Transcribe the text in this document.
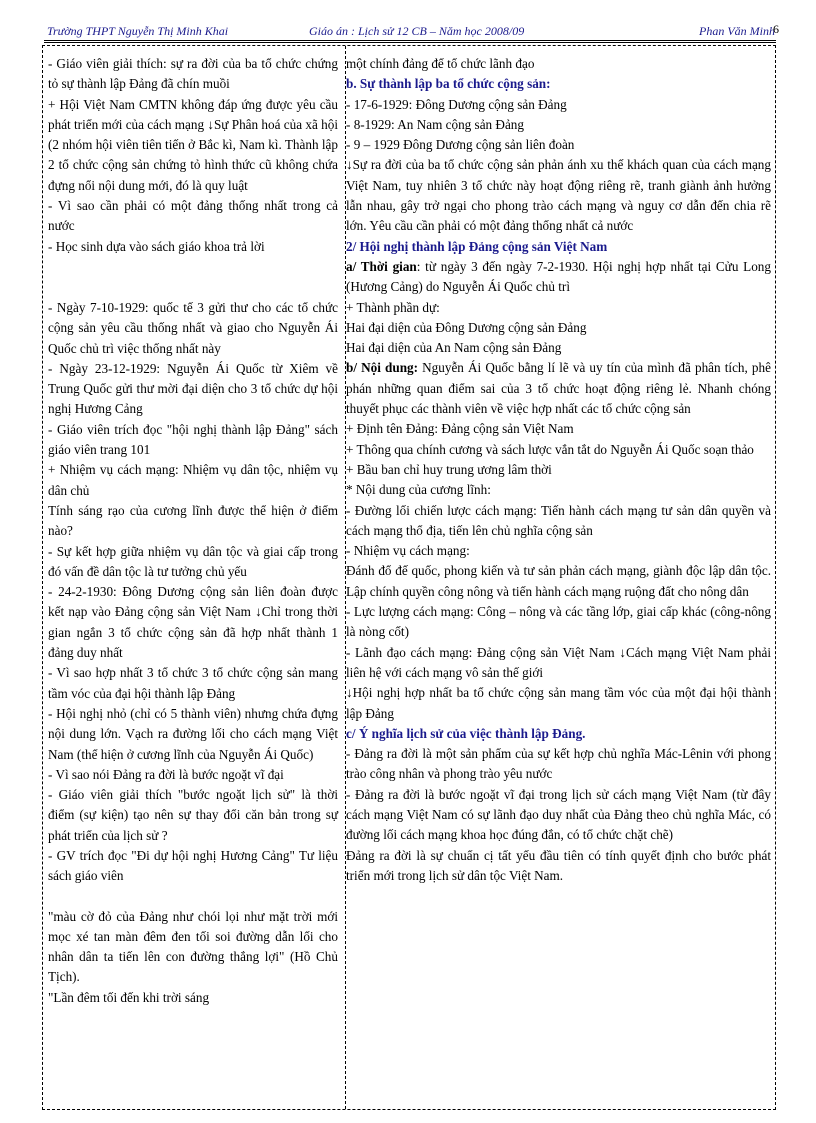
Trường THPT Nguyễn Thị Minh Khai	Giáo án : Lịch sử 12 CB – Năm học 2008/09	Phan Văn Minh
6

- Giáo viên giải thích: sự ra đời của ba tổ chức chứng tỏ sự thành lập Đảng đã chín muồi

+ Hội Việt Nam CMTN không đáp ứng được yêu cầu phát triển mới của cách mạng ↓Sự Phân hoá của xã hội (2 nhóm hội viên tiên tiến ở Bắc kì, Nam kì. Thành lập 2 tổ chức cộng sản chứng tỏ hình thức cũ không chứa đựng nổi nội dung mới, đó là quy luật

- Vì sao cần phải có một đảng thống nhất trong cả nước

- Học sinh dựa vào sách giáo khoa trả lời

- Ngày 7-10-1929: quốc tế 3 gửi thư cho các tổ chức cộng sản yêu cầu thống nhất và giao cho Nguyễn Ái Quốc chủ trì việc thống nhất này

- Ngày 23-12-1929: Nguyễn Ái Quốc từ Xiêm về Trung Quốc gửi thư mời đại diện cho 3 tổ chức dự hội nghị Hương Cảng

- Giáo viên trích đọc "hội nghị thành lập Đảng" sách giáo viên trang 101

+ Nhiệm vụ cách mạng: Nhiệm vụ dân tộc, nhiệm vụ dân chủ

Tính sáng rạo của cương lĩnh được thể hiện ở điểm nào?

- Sự kết hợp giữa nhiệm vụ dân tộc và giai cấp trong đó vấn đề dân tộc là tư tưởng chủ yếu

- 24-2-1930: Đông Dương cộng sản liên đoàn được kết nạp vào Đảng cộng sản Việt Nam ↓Chỉ trong thời gian ngắn 3 tổ chức cộng sản đã hợp nhất thành 1 đảng duy nhất

- Vì sao hợp nhất 3 tổ chức 3 tổ chức cộng sản mang tầm vóc của đại hội thành lập Đảng

- Hội nghị nhỏ (chỉ có 5 thành viên) nhưng chứa đựng nội dung lớn. Vạch ra đường lối cho cách mạng Việt Nam (thể hiện ở cương lĩnh của Nguyễn Ái Quốc)

- Vì sao nói Đảng ra đời là bước ngoặt vĩ đại

- Giáo viên giải thích "bước ngoặt lịch sử" là thời điểm (sự kiện) tạo nên sự thay đổi căn bản trong sự phát triển của lịch sử ?

- GV trích đọc "Đi dự hội nghị Hương Cảng" Tư liệu sách giáo viên

"màu cờ đỏ của Đảng như chói lọi như mặt trời mới mọc xé tan màn đêm đen tối soi đường dẫn lối cho nhân dân ta tiến lên con đường thắng lợi" (Hồ Chủ Tịch).

"Lần đêm tối đến khi trời sáng

một chính đảng để tổ chức lãnh đạo

b. Sự thành lập ba tổ chức cộng sản:

- 17-6-1929: Đông Dương cộng sản Đảng

- 8-1929: An Nam cộng sản Đảng

- 9 – 1929 Đông Dương cộng sản liên đoàn

↓Sự ra đời của ba tổ chức cộng sản phản ánh xu thế khách quan của cách mạng Việt Nam, tuy nhiên 3 tổ chức này hoạt động riêng rẽ, tranh giành ảnh hưởng lẫn nhau, gây trở ngại cho phong trào cách mạng và nguy cơ dẫn đến chia rẽ lớn. Yêu cầu cần phải có một đảng thống nhất cả nước

2/ Hội nghị thành lập Đảng cộng sản Việt Nam

a/ Thời gian: từ ngày 3 đến ngày 7-2-1930. Hội nghị hợp nhất tại Cửu Long (Hương Cảng) do Nguyễn Ái Quốc chủ trì

+ Thành phần dự:

Hai đại diện của Đông Dương cộng sản Đảng

Hai đại diện của An Nam cộng sản Đảng

b/ Nội dung: Nguyễn Ái Quốc bằng lí lẽ và uy tín của mình đã phân tích, phê phán những quan điểm sai của 3 tổ chức hoạt động riêng lẻ. Nhanh chóng thuyết phục các thành viên về việc hợp nhất các tổ chức cộng sản

+ Định tên Đảng: Đảng cộng sản Việt Nam

+ Thông qua chính cương và sách lược vắn tắt do Nguyễn Ái Quốc soạn thảo

+ Bầu ban chỉ huy trung ương lâm thời

* Nội dung của cương lĩnh:

- Đường lối chiến lược cách mạng: Tiến hành cách mạng tư sản dân quyền và cách mạng thổ địa, tiến lên chủ nghĩa cộng sản

- Nhiệm vụ cách mạng:

Đánh đổ đế quốc, phong kiến và tư sản phản cách mạng, giành độc lập dân tộc. Lập chính quyền công nông và tiến hành cách mạng ruộng đất cho nông dân

- Lực lượng cách mạng: Công – nông và các tầng lớp, giai cấp khác (công-nông là nòng cốt)

- Lãnh đạo cách mạng: Đảng cộng sản Việt Nam ↓Cách mạng Việt Nam phải liên hệ với cách mạng vô sản thế giới

↓Hội nghị hợp nhất ba tổ chức cộng sản mang tầm vóc của một đại hội thành lập Đảng

c/ Ý nghĩa lịch sử của việc thành lập Đảng.

- Đảng ra đời là một sản phẩm của sự kết hợp chủ nghĩa Mác-Lênin với phong trào công nhân và phong trào yêu nước

- Đảng ra đời là bước ngoặt vĩ đại trong lịch sử cách mạng Việt Nam (từ đây cách mạng Việt Nam có sự lãnh đạo duy nhất của Đảng theo chủ nghĩa Mác, có đường lối cách mạng khoa học đúng đắn, có tổ chức chặt chẽ)

Đảng ra đời là sự chuẩn cị tất yếu đầu tiên có tính quyết định cho bước phát triển mới trong lịch sử dân tộc Việt Nam.
